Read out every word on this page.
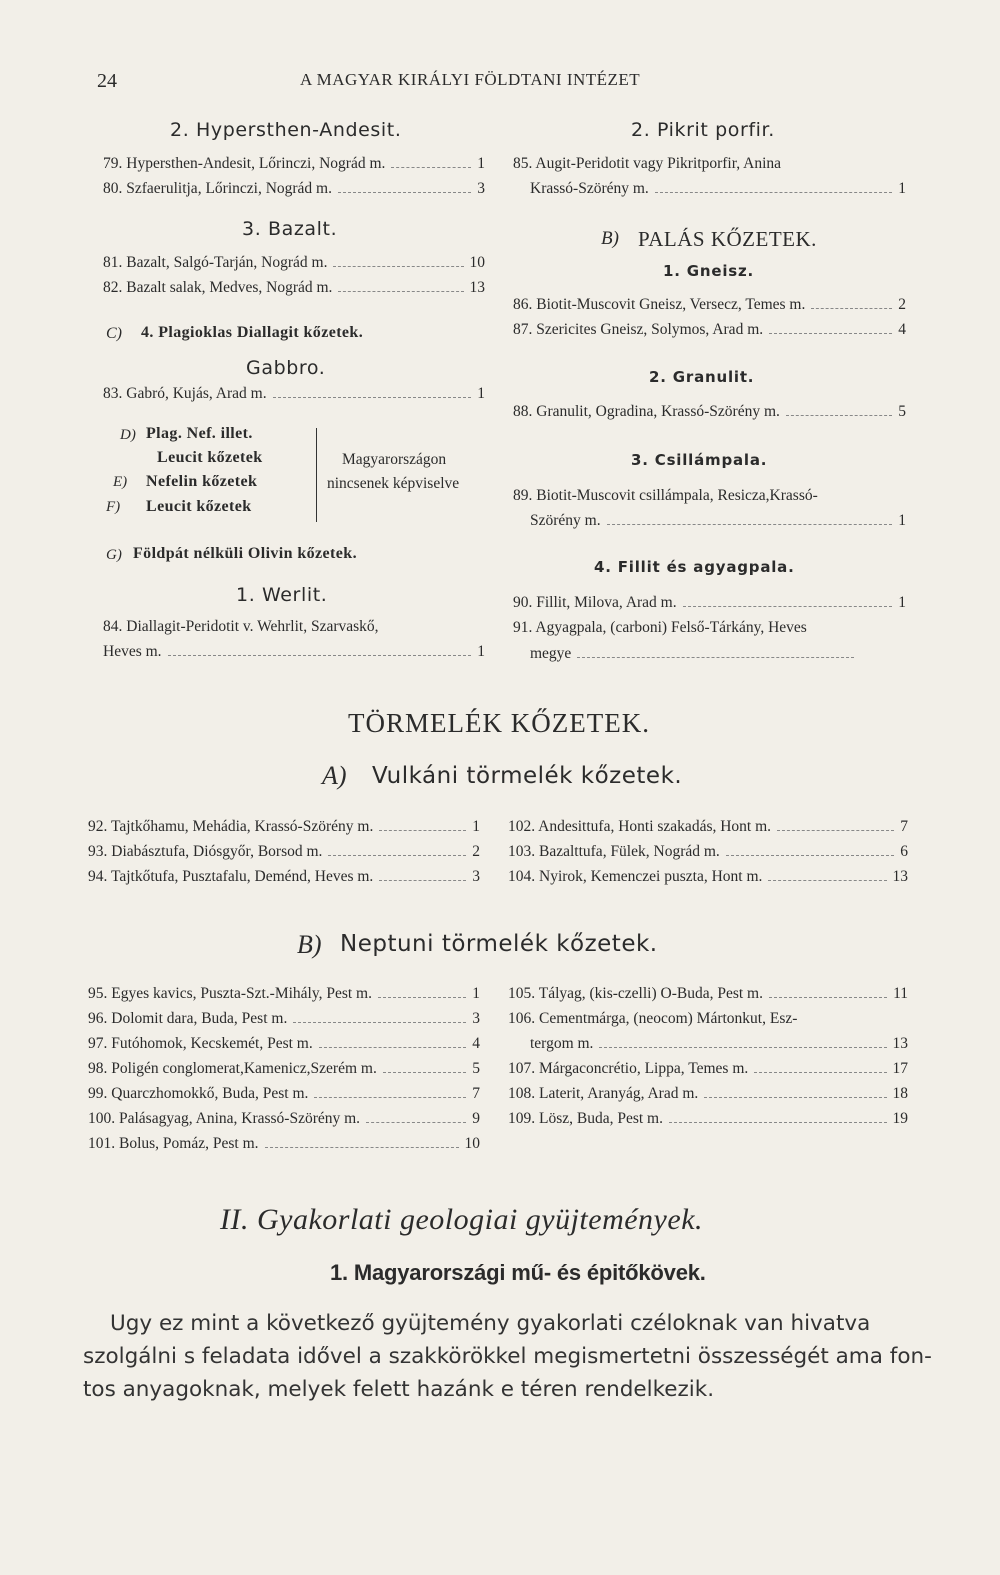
24	A MAGYAR KIRÁLYI FÖLDTANI INTÉZET
2. Hypersthen-Andesit.
79. Hypersthen-Andesit, Lőrinczi, Nográd m.	1
80. Szfaerulitja, Lőrinczi, Nográd m.	3
3. Bazalt.
81. Bazalt, Salgó-Tarján, Nográd m.	10
82. Bazalt salak, Medves, Nográd m.	13
C) 4. Plagioklas Diallagit kőzetek.
Gabbro.
83. Gabró, Kujás, Arad m.	1
D) Plag. Nef. illet.
Leucit kőzetek
E) Nefelin kőzetek
F) Leucit kőzetek
Magyarországon
nincsenek képviselve
G) Földpát nélküli Olivin kőzetek.
1. Werlit.
84. Diallagit-Peridotit v. Wehrlit, Szarvaskő,
Heves m.	1
2. Pikrit porfir.
85. Augit-Peridotit vagy Pikritporfir, Anina
Krassó-Szörény m.	1
B) PALÁS KŐZETEK.
1. Gneisz.
86. Biotit-Muscovit Gneisz, Versecz, Temes m.	2
87. Szericites Gneisz, Solymos, Arad m.	4
2. Granulit.
88. Granulit, Ogradina, Krassó-Szörény m.	5
3. Csillámpala.
89. Biotit-Muscovit csillámpala, Resicza,Krassó-
Szörény m.	1
4. Fillit és agyagpala.
90. Fillit, Milova, Arad m.	1
91. Agyagpala, (carboni) Felső-Tárkány, Heves
megye
TÖRMELÉK KŐZETEK.
A) Vulkáni törmelék kőzetek.
92. Tajtkőhamu, Mehádia, Krassó-Szörény m.	1
93. Diabásztufa, Diósgyőr, Borsod m.	2
94. Tajtkőtufa, Pusztafalu, Deménd, Heves m.	3
102. Andesittufa, Honti szakadás, Hont m.	7
103. Bazalttufa, Fülek, Nográd m.	6
104. Nyirok, Kemenczei puszta, Hont m.	13
B) Neptuni törmelék kőzetek.
95. Egyes kavics, Puszta-Szt.-Mihály, Pest m.	1
96. Dolomit dara, Buda, Pest m.	3
97. Futóhomok, Kecskemét, Pest m.	4
98. Poligén conglomerat,Kamenicz,Szerém m.	5
99. Quarczhomokkő, Buda, Pest m.	7
100. Palásagyag, Anina, Krassó-Szörény m.	9
101. Bolus, Pomáz, Pest m.	10
105. Tályag, (kis-czelli) O-Buda, Pest m.	11
106. Cementmárga, (neocom) Mártonkut, Esz-
tergom m.	13
107. Márgaconcrétio, Lippa, Temes m.	17
108. Laterit, Aranyág, Arad m.	18
109. Lösz, Buda, Pest m.	19
II. Gyakorlati geologiai gyüjtemények.
1. Magyarországi mű- és épitőkövek.
Ugy ez mint a következő gyüjtemény gyakorlati czéloknak van hivatva
szolgálni s feladata idővel a szakkörökkel megismertetni összességét ama fon-
tos anyagoknak, melyek felett hazánk e téren rendelkezik.
